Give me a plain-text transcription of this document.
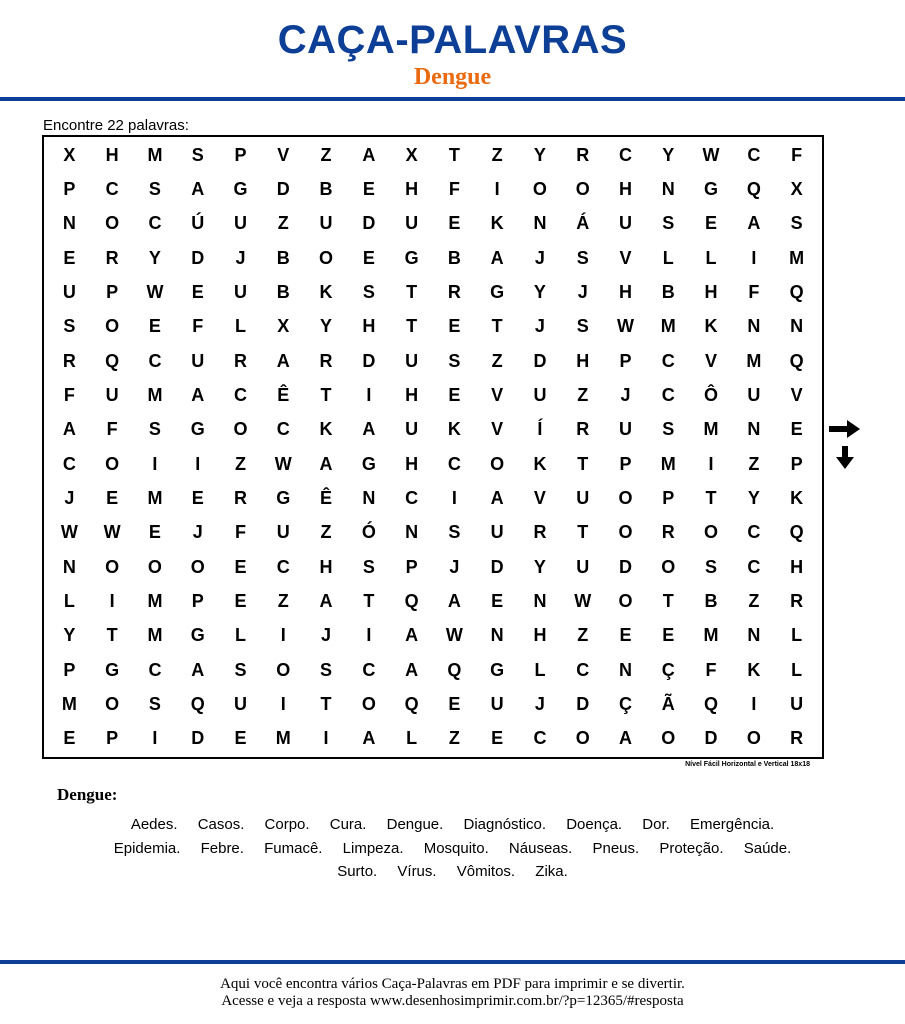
CAÇA-PALAVRAS
Dengue
Encontre 22 palavras:
X	H	M	S	P	V	Z	A	X	T	Z	Y	R	C	Y	W	C	F
P	C	S	A	G	D	B	E	H	F	I	O	O	H	N	G	Q	X
N	O	C	Ú	U	Z	U	D	U	E	K	N	Á	U	S	E	A	S
E	R	Y	D	J	B	O	E	G	B	A	J	S	V	L	L	I	M
U	P	W	E	U	B	K	S	T	R	G	Y	J	H	B	H	F	Q
S	O	E	F	L	X	Y	H	T	E	T	J	S	W	M	K	N	N
R	Q	C	U	R	A	R	D	U	S	Z	D	H	P	C	V	M	Q
F	U	M	A	C	Ê	T	I	H	E	V	U	Z	J	C	Ô	U	V
A	F	S	G	O	C	K	A	U	K	V	Í	R	U	S	M	N	E
C	O	I	I	Z	W	A	G	H	C	O	K	T	P	M	I	Z	P
J	E	M	E	R	G	Ê	N	C	I	A	V	U	O	P	T	Y	K
W	W	E	J	F	U	Z	Ó	N	S	U	R	T	O	R	O	C	Q
N	O	O	O	E	C	H	S	P	J	D	Y	U	D	O	S	C	H
L	I	M	P	E	Z	A	T	Q	A	E	N	W	O	T	B	Z	R
Y	T	M	G	L	I	J	I	A	W	N	H	Z	E	E	M	N	L
P	G	C	A	S	O	S	C	A	Q	G	L	C	N	Ç	F	K	L
M	O	S	Q	U	I	T	O	Q	E	U	J	D	Ç	Ã	Q	I	U
E	P	I	D	E	M	I	A	L	Z	E	C	O	A	O	D	O	R
Nível Fácil Horizontal e Vertical 18x18
Dengue:
Aedes. Casos. Corpo. Cura. Dengue. Diagnóstico. Doença. Dor. Emergência.
Epidemia. Febre. Fumacê. Limpeza. Mosquito. Náuseas. Pneus. Proteção. Saúde.
Surto. Vírus. Vômitos. Zika.
Aqui você encontra vários Caça-Palavras em PDF para imprimir e se divertir.
Acesse e veja a resposta www.desenhosimprimir.com.br/?p=12365/#resposta
